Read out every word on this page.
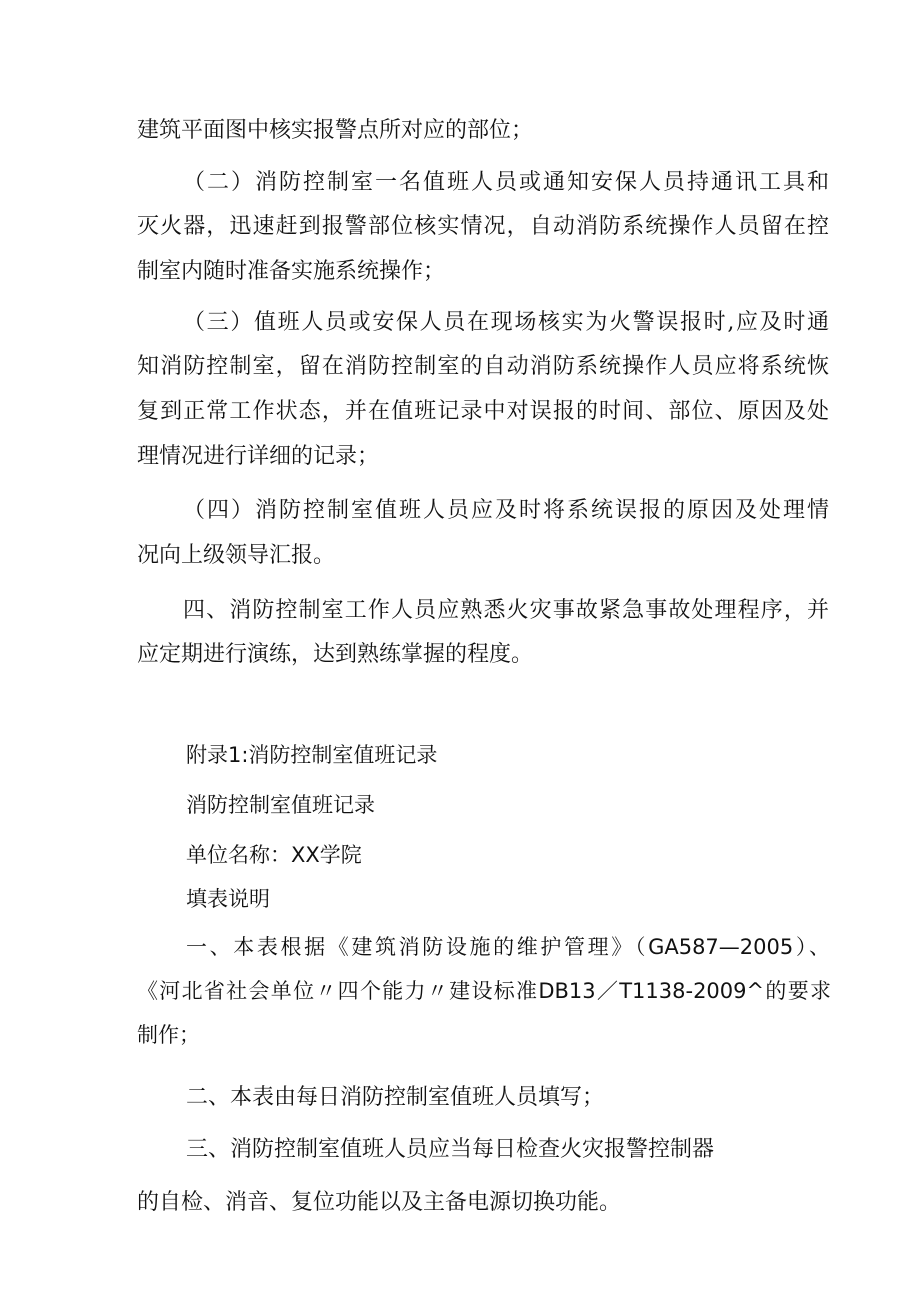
建筑平面图中核实报警点所对应的部位；

（二）消防控制室一名值班人员或通知安保人员持通讯工具和

灭火器，迅速赶到报警部位核实情况，自动消防系统操作人员留在控

制室内随时准备实施系统操作；

（三）值班人员或安保人员在现场核实为火警误报时,应及时通

知消防控制室，留在消防控制室的自动消防系统操作人员应将系统恢

复到正常工作状态，并在值班记录中对误报的时间、部位、原因及处

理情况进行详细的记录；

（四）消防控制室值班人员应及时将系统误报的原因及处理情

况向上级领导汇报。

四、消防控制室工作人员应熟悉火灾事故紧急事故处理程序，并

应定期进行演练，达到熟练掌握的程度。

附录1:消防控制室值班记录

消防控制室值班记录

单位名称：XX学院

填表说明

一、本表根据《建筑消防设施的维护管理》（GA587—2005）、

《河北省社会单位〃四个能力〃建设标准DB13／T1138-2009^的要求

制作；

二、本表由每日消防控制室值班人员填写；

三、消防控制室值班人员应当每日检查火灾报警控制器

的自检、消音、复位功能以及主备电源切换功能。
